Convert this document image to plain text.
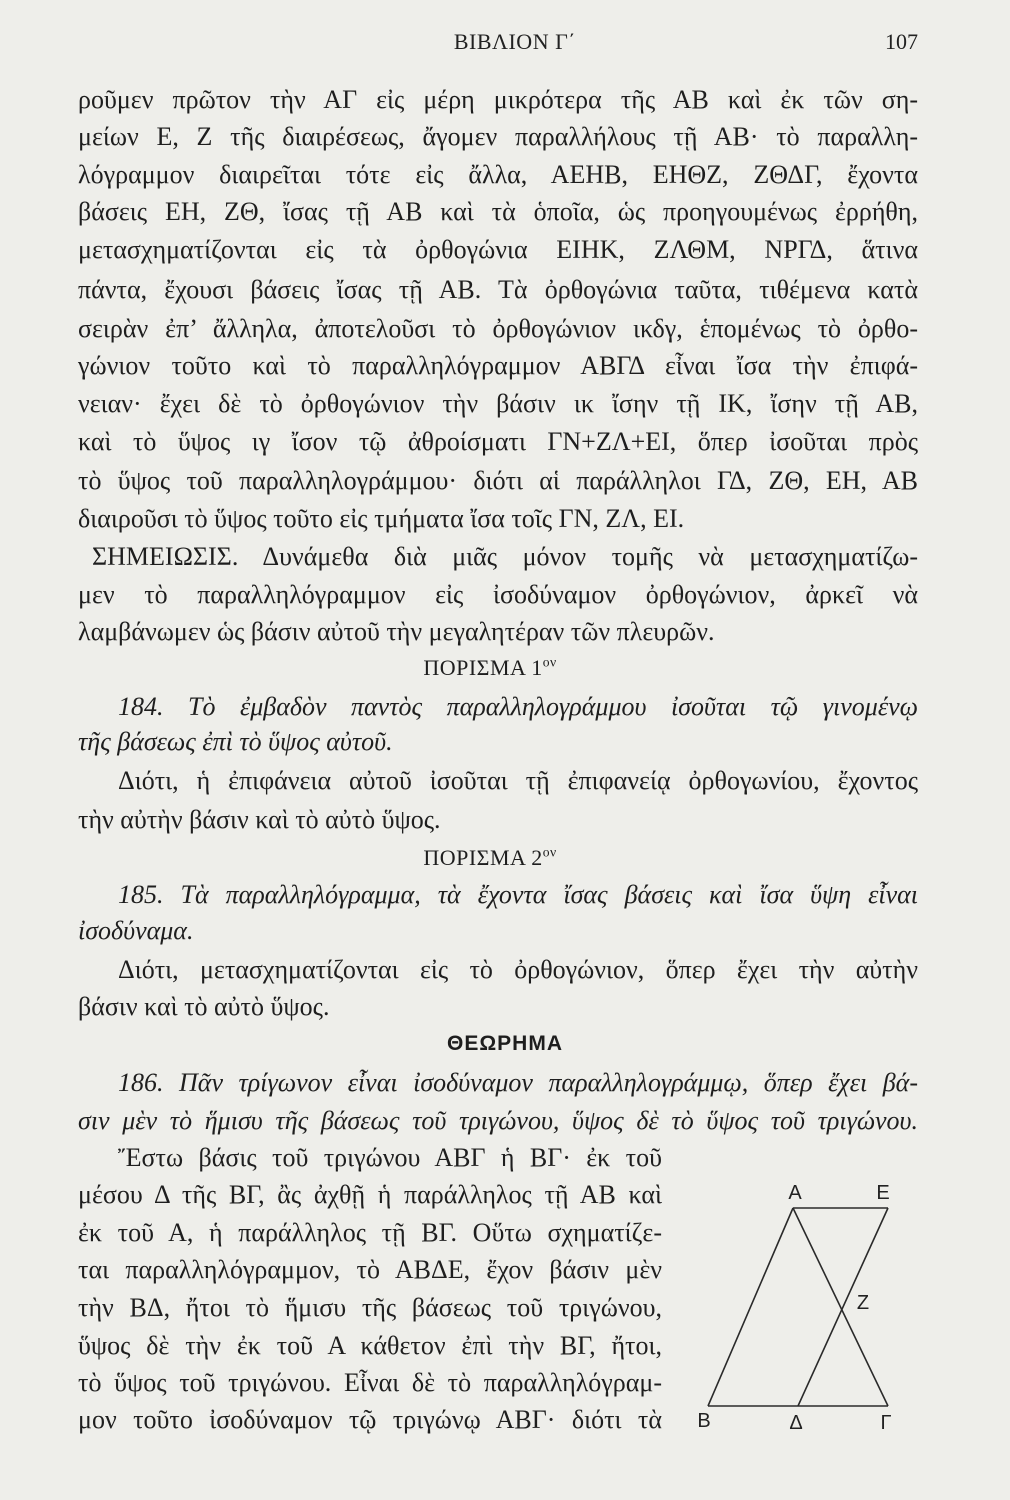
ΒΙΒΛΙΟΝ Γ΄	107
ροῦμεν πρῶτον τὴν ΑΓ εἰς μέρη μικρότερα τῆς ΑΒ καὶ ἐκ τῶν ση-
μείων Ε, Ζ τῆς διαιρέσεως, ἄγομεν παραλλήλους τῇ ΑΒ· τὸ παραλλη-
λόγραμμον διαιρεῖται τότε εἰς ἄλλα, ΑΕΗΒ, ΕΗΘΖ, ΖΘΔΓ, ἔχοντα
βάσεις ΕΗ, ΖΘ, ἴσας τῇ ΑΒ καὶ τὰ ὁποῖα, ὡς προηγουμένως ἐρρήθη,
μετασχηματίζονται εἰς τὰ ὀρθογώνια ΕΙΗΚ, ΖΛΘΜ, ΝΡΓΔ, ἅτινα
πάντα, ἔχουσι βάσεις ἴσας τῇ ΑΒ. Τὰ ὀρθογώνια ταῦτα, τιθέμενα κατὰ
σειρὰν ἐπ’ ἄλληλα, ἀποτελοῦσι τὸ ὀρθογώνιον ικδγ, ἑπομένως τὸ ὀρθο-
γώνιον τοῦτο καὶ τὸ παραλληλόγραμμον ΑΒΓΔ εἶναι ἴσα τὴν ἐπιφά-
νειαν· ἔχει δὲ τὸ ὀρθογώνιον τὴν βάσιν ικ ἴσην τῇ ΙΚ, ἴσην τῇ ΑΒ,
καὶ τὸ ὕψος ιγ ἴσον τῷ ἀθροίσματι ΓΝ+ΖΛ+ΕΙ, ὅπερ ἰσοῦται πρὸς
τὸ ὕψος τοῦ παραλληλογράμμου· διότι αἱ παράλληλοι ΓΔ, ΖΘ, ΕΗ, ΑΒ
διαιροῦσι τὸ ὕψος τοῦτο εἰς τμήματα ἴσα τοῖς ΓΝ, ΖΛ, ΕΙ.
ΣΗΜΕΙΩΣΙΣ. Δυνάμεθα διὰ μιᾶς μόνον τομῆς νὰ μετασχηματίζω-
μεν τὸ παραλληλόγραμμον εἰς ἰσοδύναμον ὀρθογώνιον, ἀρκεῖ νὰ
λαμβάνωμεν ὡς βάσιν αὐτοῦ τὴν μεγαλητέραν τῶν πλευρῶν.
ΠΟΡΙΣΜΑ $1^{o\nu}$
184. Τὸ ἐμβαδὸν παντὸς παραλληλογράμμου ἰσοῦται τῷ γινομένῳ
τῆς βάσεως ἐπὶ τὸ ὕψος αὐτοῦ.
Διότι, ἡ ἐπιφάνεια αὐτοῦ ἰσοῦται τῇ ἐπιφανείᾳ ὀρθογωνίου, ἔχοντος
τὴν αὐτὴν βάσιν καὶ τὸ αὐτὸ ὕψος.
ΠΟΡΙΣΜΑ $2^{o\nu}$
185. Τὰ παραλληλόγραμμα, τὰ ἔχοντα ἴσας βάσεις καὶ ἴσα ὕψη εἶναι
ἰσοδύναμα.
Διότι, μετασχηματίζονται εἰς τὸ ὀρθογώνιον, ὅπερ ἔχει τὴν αὐτὴν
βάσιν καὶ τὸ αὐτὸ ὕψος.
ΘΕΩΡΗΜΑ
186. Πᾶν τρίγωνον εἶναι ἰσοδύναμον παραλληλογράμμῳ, ὅπερ ἔχει βά-
σιν μὲν τὸ ἥμισυ τῆς βάσεως τοῦ τριγώνου, ὕψος δὲ τὸ ὕψος τοῦ τριγώνου.
Ἔστω βάσις τοῦ τριγώνου ΑΒΓ ἡ ΒΓ· ἐκ τοῦ
μέσου Δ τῆς ΒΓ, ἂς ἀχθῇ ἡ παράλληλος τῇ ΑΒ καὶ
ἐκ τοῦ Α, ἡ παράλληλος τῇ ΒΓ. Οὕτω σχηματίζε-
ται παραλληλόγραμμον, τὸ ΑΒΔΕ, ἔχον βάσιν μὲν
τὴν ΒΔ, ἤτοι τὸ ἥμισυ τῆς βάσεως τοῦ τριγώνου,
ὕψος δὲ τὴν ἐκ τοῦ Α κάθετον ἐπὶ τὴν ΒΓ, ἤτοι,
τὸ ὕψος τοῦ τριγώνου. Εἶναι δὲ τὸ παραλληλόγραμ-
μον τοῦτο ἰσοδύναμον τῷ τριγώνῳ ΑΒΓ· διότι τὰ
Α	Ε
Ζ
Β	Δ	Γ
